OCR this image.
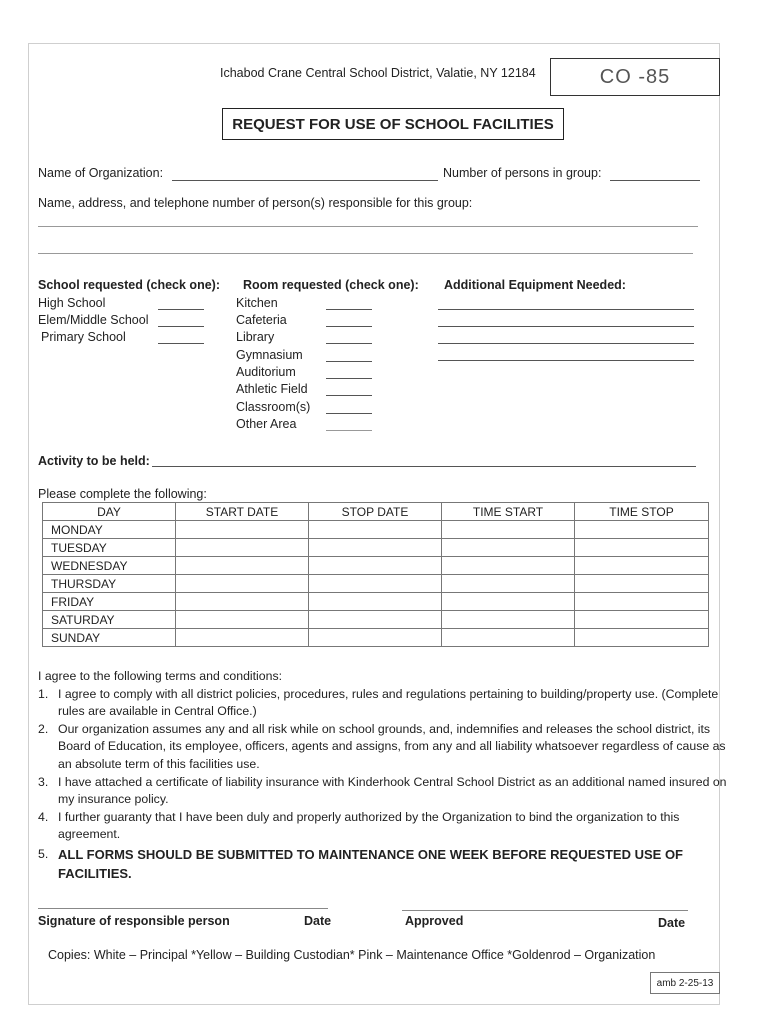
Ichabod Crane Central School District, Valatie, NY 12184	CO -85
REQUEST FOR USE OF SCHOOL FACILITIES
Name of Organization:	Number of persons in group:
Name, address, and telephone number of person(s) responsible for this group:
School requested (check one):
High School
Elem/Middle School
Primary School
Room requested (check one):
Kitchen
Cafeteria
Library
Gymnasium
Auditorium
Athletic Field
Classroom(s)
Other Area
Additional Equipment Needed:
Activity to be held:
Please complete the following:
DAY	START DATE	STOP DATE	TIME START	TIME STOP
MONDAY				
TUESDAY				
WEDNESDAY				
THURSDAY				
FRIDAY				
SATURDAY				
SUNDAY				
I agree to the following terms and conditions:
1. I agree to comply with all district policies, procedures, rules and regulations pertaining to building/property use. (Complete rules are available in Central Office.)
2. Our organization assumes any and all risk while on school grounds, and, indemnifies and releases the school district, its Board of Education, its employee, officers, agents and assigns, from any and all liability whatsoever regardless of cause as an absolute term of this facilities use.
3. I have attached a certificate of liability insurance with Kinderhook Central School District as an additional named insured on my insurance policy.
4. I further guaranty that I have been duly and properly authorized by the Organization to bind the organization to this agreement.
5. ALL FORMS SHOULD BE SUBMITTED TO MAINTENANCE ONE WEEK BEFORE REQUESTED USE OF FACILITIES.
Signature of responsible person	Date	Approved	Date
Copies: White – Principal *Yellow – Building Custodian* Pink – Maintenance Office *Goldenrod – Organization
amb 2-25-13
